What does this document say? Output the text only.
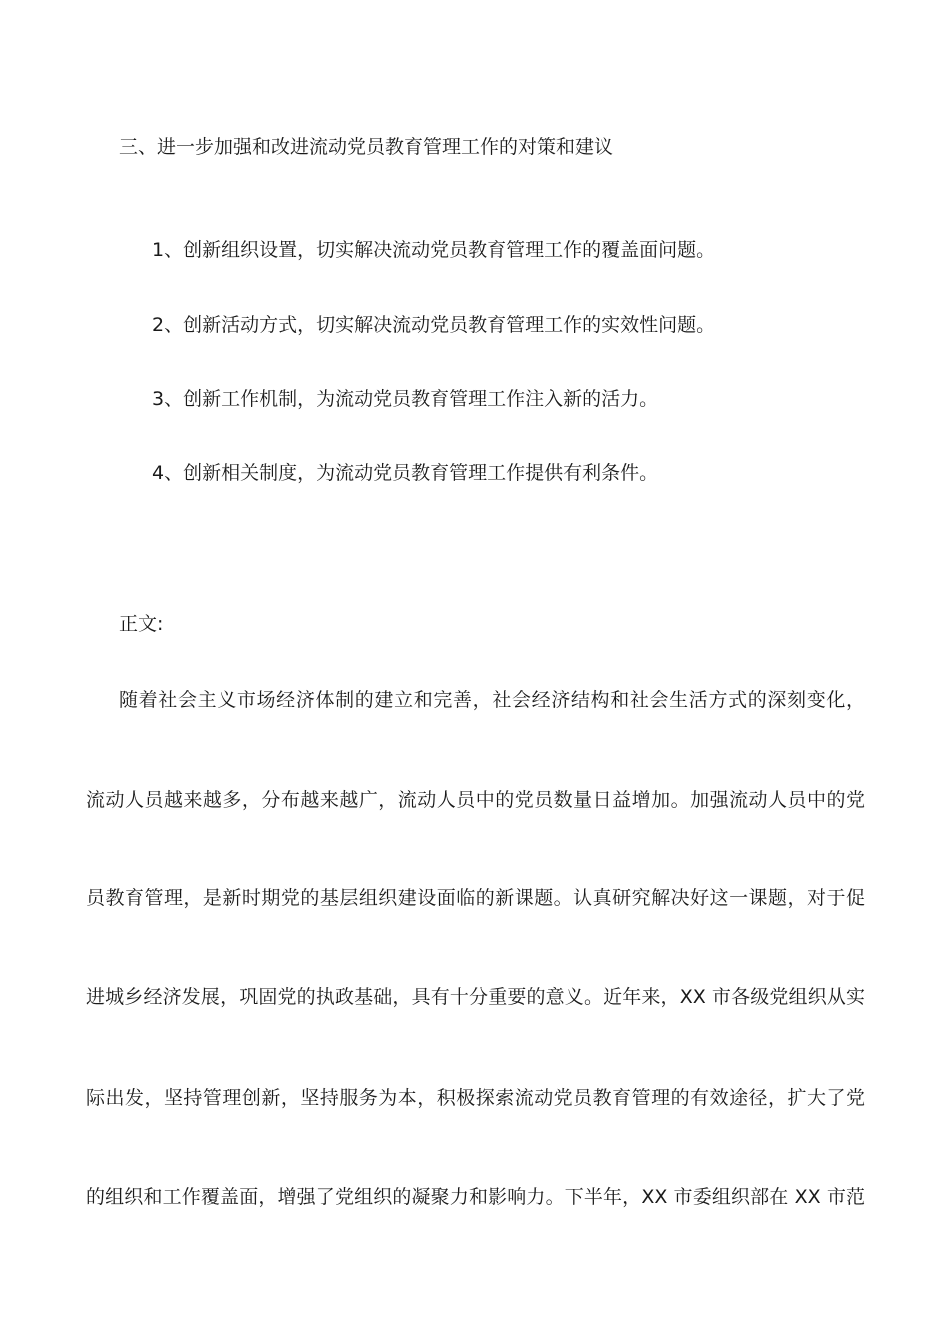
三、进一步加强和改进流动党员教育管理工作的对策和建议
1、创新组织设置，切实解决流动党员教育管理工作的覆盖面问题。
2、创新活动方式，切实解决流动党员教育管理工作的实效性问题。
3、创新工作机制，为流动党员教育管理工作注入新的活力。
4、创新相关制度，为流动党员教育管理工作提供有利条件。
正文:
随着社会主义市场经济体制的建立和完善，社会经济结构和社会生活方式的深刻变化，
流动人员越来越多，分布越来越广，流动人员中的党员数量日益增加。加强流动人员中的党
员教育管理，是新时期党的基层组织建设面临的新课题。认真研究解决好这一课题，对于促
进城乡经济发展，巩固党的执政基础，具有十分重要的意义。近年来，XX 市各级党组织从实
际出发，坚持管理创新，坚持服务为本，积极探索流动党员教育管理的有效途径，扩大了党
的组织和工作覆盖面，增强了党组织的凝聚力和影响力。下半年，XX 市委组织部在 XX 市范
